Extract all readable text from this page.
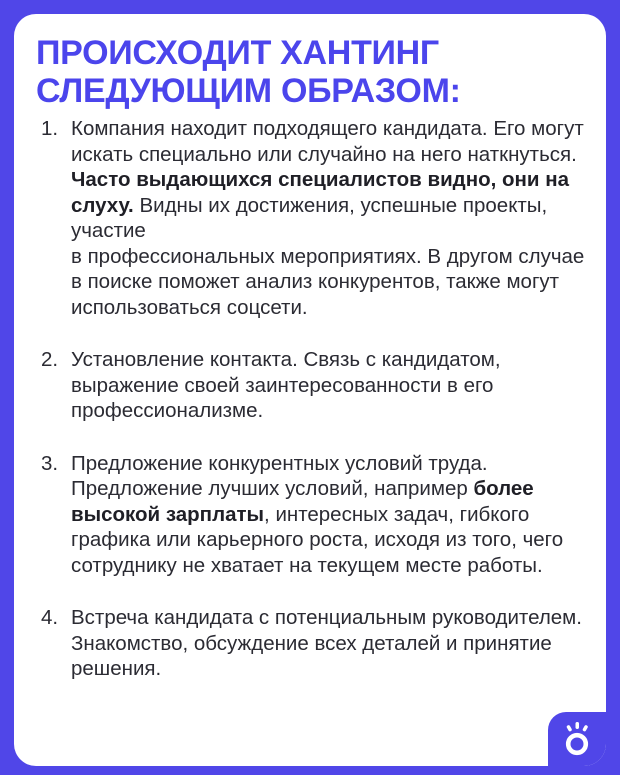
ПРОИСХОДИТ ХАНТИНГ
СЛЕДУЮЩИМ ОБРАЗОМ:
1. Компания находит подходящего кандидата. Его могут искать специально или случайно на него наткнуться. Часто выдающихся специалистов видно, они на слуху. Видны их достижения, успешные проекты, участие
в профессиональных мероприятиях. В другом случае в поиске поможет анализ конкурентов, также могут использоваться соцсети.
2. Установление контакта. Связь с кандидатом, выражение своей заинтересованности в его профессионализме.
3. Предложение конкурентных условий труда. Предложение лучших условий, например более высокой зарплаты, интересных задач, гибкого графика или карьерного роста, исходя из того, чего сотруднику не хватает на текущем месте работы.
4. Встреча кандидата с потенциальным руководителем. Знакомство, обсуждение всех деталей и принятие решения.
